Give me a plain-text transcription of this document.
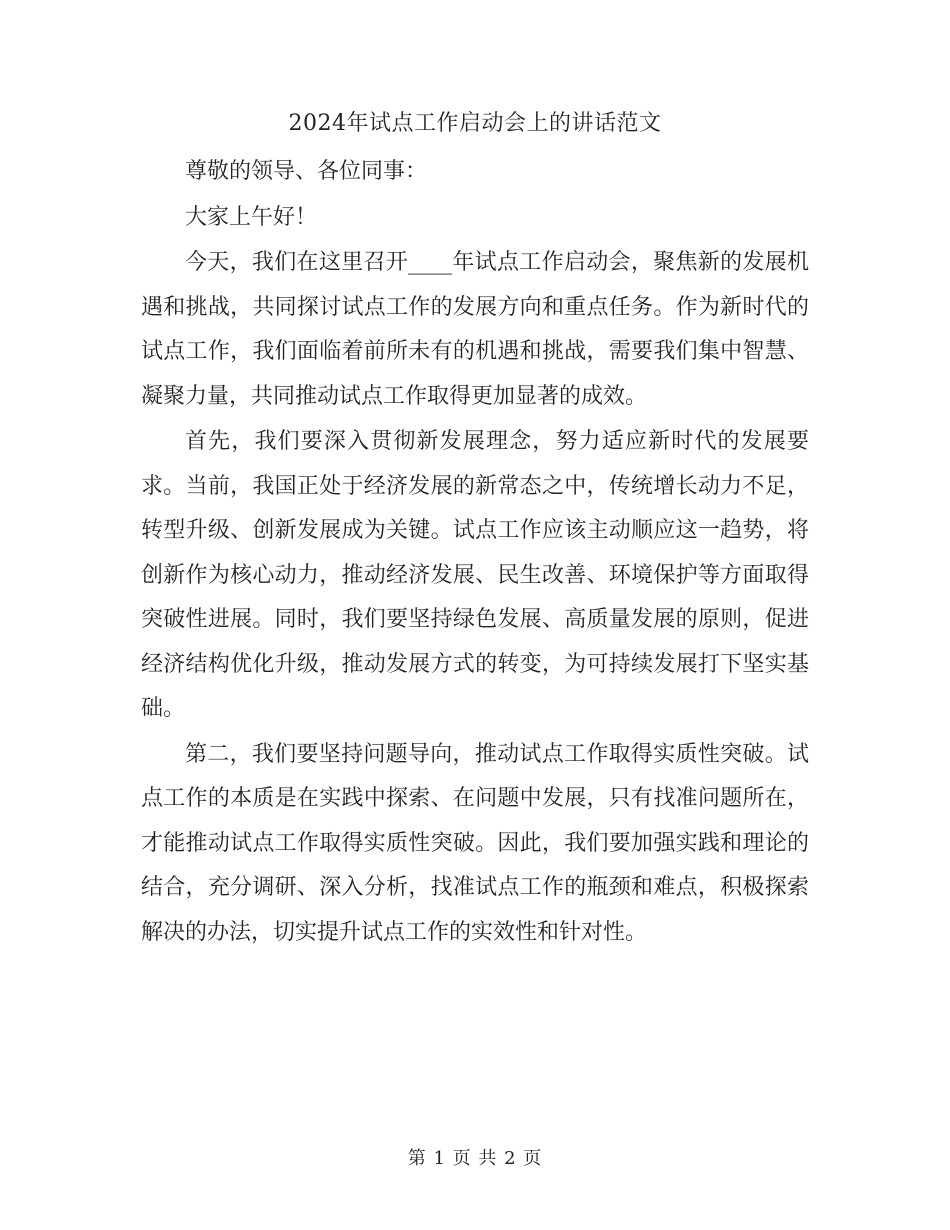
2024年试点工作启动会上的讲话范文

尊敬的领导、各位同事：

大家上午好！

今天，我们在这里召开____年试点工作启动会，聚焦新的发展机遇和挑战，共同探讨试点工作的发展方向和重点任务。作为新时代的试点工作，我们面临着前所未有的机遇和挑战，需要我们集中智慧、凝聚力量，共同推动试点工作取得更加显著的成效。

首先，我们要深入贯彻新发展理念，努力适应新时代的发展要求。当前，我国正处于经济发展的新常态之中，传统增长动力不足，转型升级、创新发展成为关键。试点工作应该主动顺应这一趋势，将创新作为核心动力，推动经济发展、民生改善、环境保护等方面取得突破性进展。同时，我们要坚持绿色发展、高质量发展的原则，促进经济结构优化升级，推动发展方式的转变，为可持续发展打下坚实基础。

第二，我们要坚持问题导向，推动试点工作取得实质性突破。试点工作的本质是在实践中探索、在问题中发展，只有找准问题所在，才能推动试点工作取得实质性突破。因此，我们要加强实践和理论的结合，充分调研、深入分析，找准试点工作的瓶颈和难点，积极探索解决的办法，切实提升试点工作的实效性和针对性。

第 1 页 共 2 页
